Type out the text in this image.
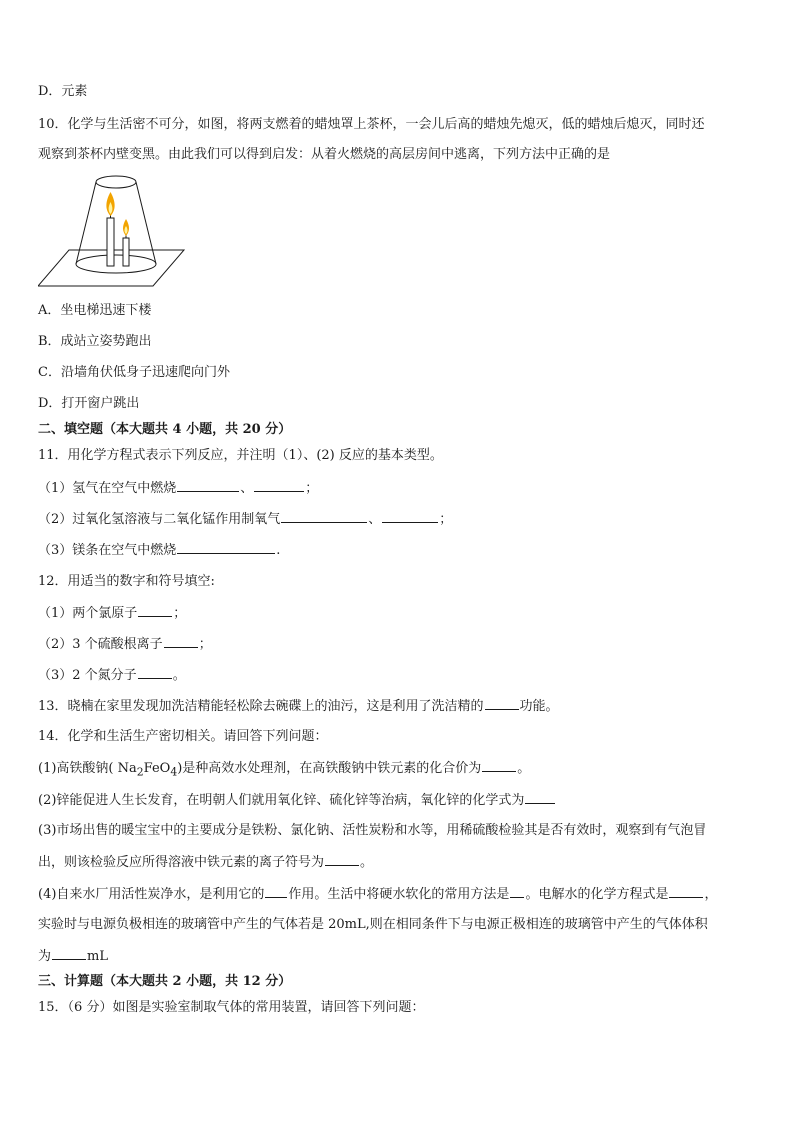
D．元素
10．化学与生活密不可分，如图，将两支燃着的蜡烛罩上茶杯，一会儿后高的蜡烛先熄灭，低的蜡烛后熄灭，同时还
观察到茶杯内壁变黑。由此我们可以得到启发：从着火燃烧的高层房间中逃离，下列方法中正确的是
A．坐电梯迅速下楼
B．成站立姿势跑出
C．沿墙角伏低身子迅速爬向门外
D．打开窗户跳出
二、填空题（本大题共 4 小题，共 20 分）
11．用化学方程式表示下列反应，并注明（1）、(2) 反应的基本类型。
（1）氢气在空气中燃烧	、	；
（2）过氧化氢溶液与二氧化锰作用制氧气	、	；
（3）镁条在空气中燃烧	.
12．用适当的数字和符号填空:
（1）两个氯原子	；
（2）3 个硫酸根离子	；
（3）2 个氮分子	。
13．晓楠在家里发现加洗洁精能轻松除去碗碟上的油污，这是利用了洗洁精的	功能。
14．化学和生活生产密切相关。请回答下列问题：
(1)高铁酸钠( $Na_2FeO_4$)是种高效水处理剂，在高铁酸钠中铁元素的化合价为	。
(2)锌能促进人生长发育，在明朝人们就用氧化锌、硫化锌等治病，氧化锌的化学式为
(3)市场出售的暖宝宝中的主要成分是铁粉、氯化钠、活性炭粉和水等，用稀硫酸检验其是否有效时，观察到有气泡冒
出，则该检验反应所得溶液中铁元素的离子符号为	。
(4)自来水厂用活性炭净水，是利用它的 作用。生活中将硬水软化的常用方法是 。电解水的化学方程式是	，
实验时与电源负极相连的玻璃管中产生的气体若是 20mL,则在相同条件下与电源正极相连的玻璃管中产生的气体体积
为	mL
三、计算题（本大题共 2 小题，共 12 分）
15．（6 分）如图是实验室制取气体的常用装置，请回答下列问题：
